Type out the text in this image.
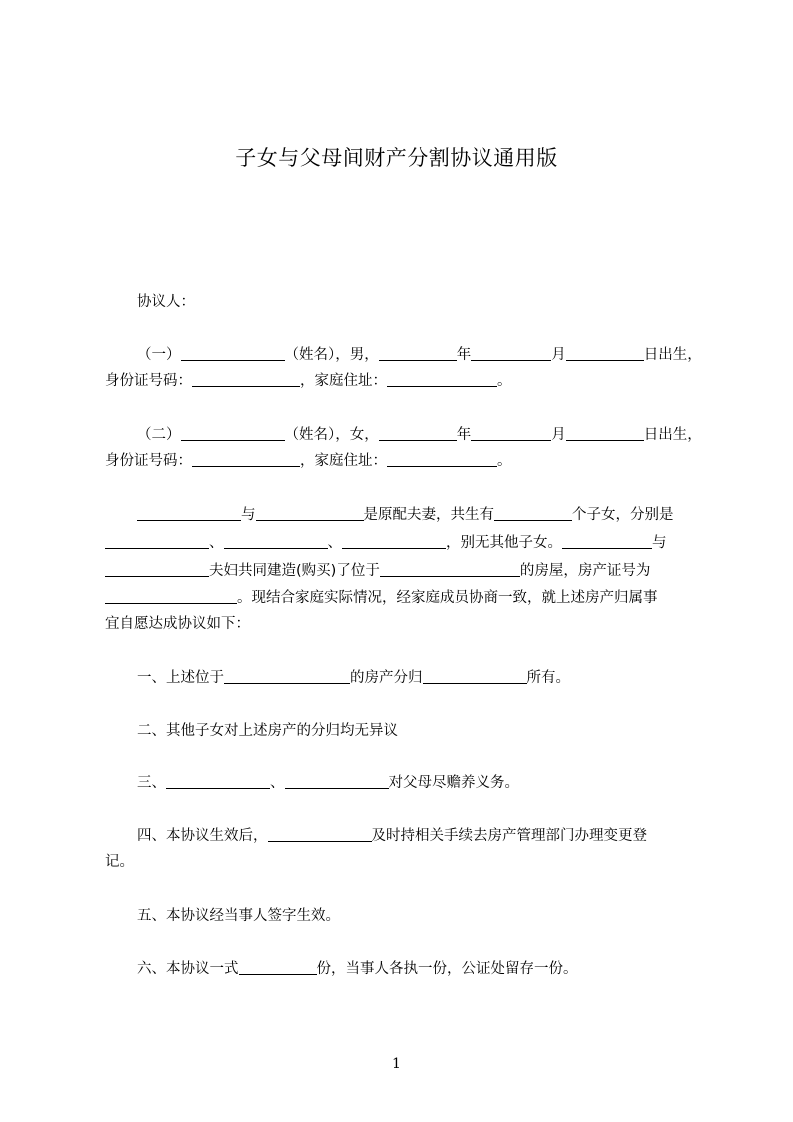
子女与父母间财产分割协议通用版
协议人：
（一）	（姓名），男，	年	月	日出生，
身份证号码：	，家庭住址：	。
（二）	（姓名），女，	年	月	日出生，
身份证号码：	，家庭住址：	。
与	是原配夫妻，共生有	个子女，分别是
、	、	，别无其他子女。	与
夫妇共同建造(购买)了位于	的房屋，房产证号为
。现结合家庭实际情况，经家庭成员协商一致，就上述房产归属事
宜自愿达成协议如下：
一、上述位于	的房产分归	所有。
二、其他子女对上述房产的分归均无异议
三、	、	对父母尽赡养义务。
四、本协议生效后，	及时持相关手续去房产管理部门办理变更登
记。
五、本协议经当事人签字生效。
六、本协议一式	份，当事人各执一份，公证处留存一份。
1
